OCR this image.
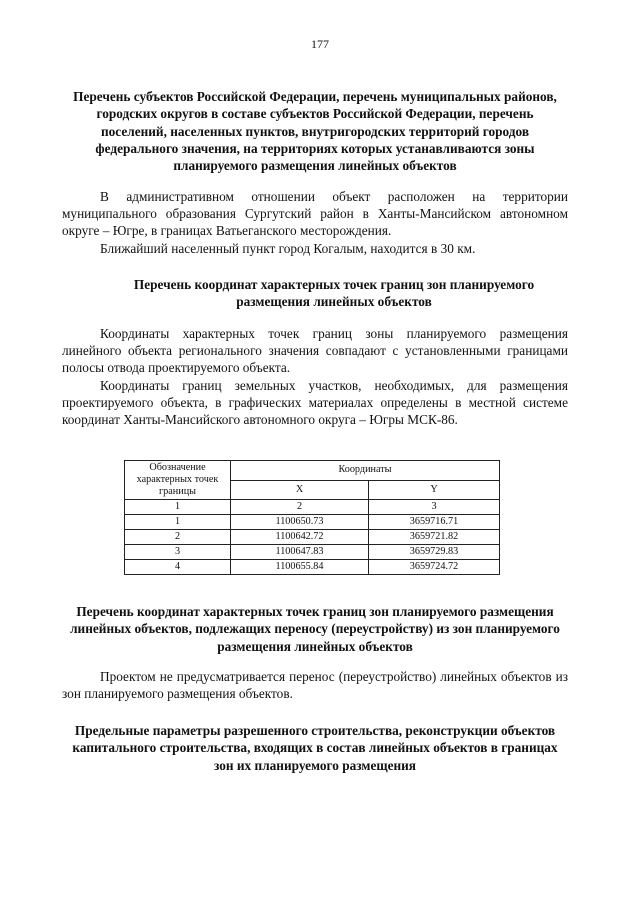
177
Перечень субъектов Российской Федерации, перечень муниципальных районов, городских округов в составе субъектов Российской Федерации, перечень поселений, населенных пунктов, внутригородских территорий городов федерального значения, на территориях которых устанавливаются зоны планируемого размещения линейных объектов

В административном отношении объект расположен на территории муниципального образования Сургутский район в Ханты-Мансийском автономном округе – Югре, в границах Ватьеганского месторождения.

Ближайший населенный пункт город Когалым, находится в 30 км.

Перечень координат характерных точек границ зон планируемого размещения линейных объектов

Координаты характерных точек границ зоны планируемого размещения линейного объекта регионального значения совпадают с установленными границами полосы отвода проектируемого объекта.

Координаты границ земельных участков, необходимых, для размещения проектируемого объекта, в графических материалах определены в местной системе координат Ханты-Мансийского автономного округа – Югры МСК-86.

Обозначение характерных точек границы	Координаты	
	X	Y
1	2	3
1	1100650.73	3659716.71
2	1100642.72	3659721.82
3	1100647.83	3659729.83
4	1100655.84	3659724.72
Перечень координат характерных точек границ зон планируемого размещения линейных объектов, подлежащих переносу (переустройству) из зон планируемого размещения линейных объектов

Проектом не предусматривается перенос (переустройство) линейных объектов из зон планируемого размещения объектов.

Предельные параметры разрешенного строительства, реконструкции объектов капитального строительства, входящих в состав линейных объектов в границах зон их планируемого размещения
